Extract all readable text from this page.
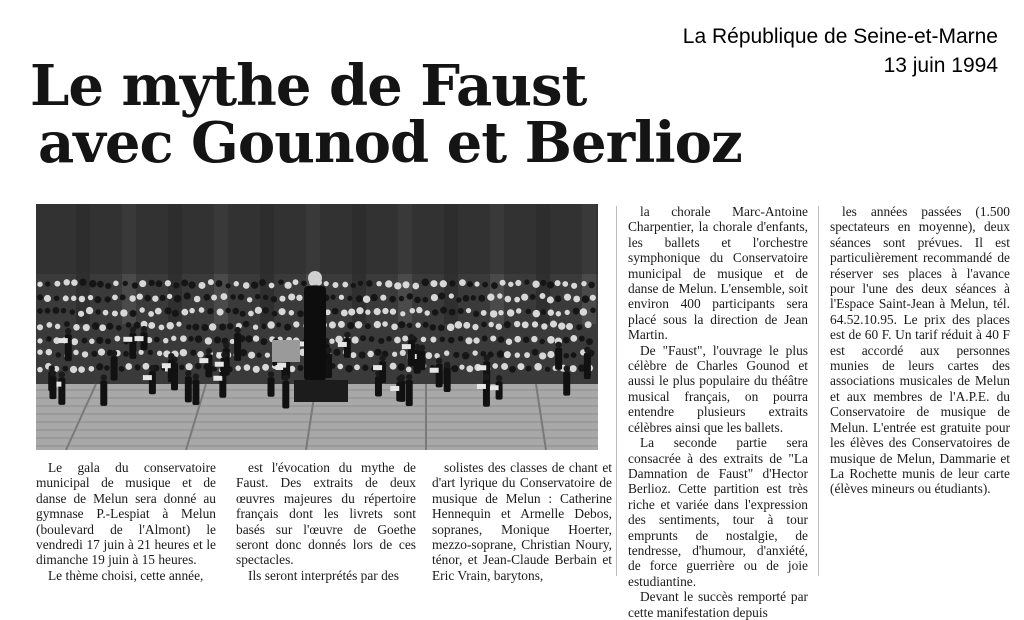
La République de Seine-et-Marne
13 juin 1994
Le mythe de Faust
avec Gounod et Berlioz

Le gala du conservatoire municipal de musique et de danse de Melun sera donné au gymnase P.-Lespiat à Melun (boulevard de l'Almont) le vendredi 17 juin à 21 heures et le dimanche 19 juin à 15 heures.

Le thème choisi, cette année,

est l'évocation du mythe de Faust. Des extraits de deux œuvres majeures du répertoire français dont les livrets sont basés sur l'œuvre de Goethe seront donc donnés lors de ces spectacles.

Ils seront interprétés par des

solistes des classes de chant et d'art lyrique du Conservatoire de musique de Melun : Catherine Hennequin et Armelle Debos, sopranes, Monique Hoerter, mezzo-soprane, Christian Noury, ténor, et Jean-Claude Berbain et Eric Vrain, barytons,

la chorale Marc-Antoine Charpentier, la chorale d'enfants, les ballets et l'orchestre symphonique du Conservatoire municipal de musique et de danse de Melun. L'ensemble, soit environ 400 participants sera placé sous la direction de Jean Martin.

De "Faust", l'ouvrage le plus célèbre de Charles Gounod et aussi le plus populaire du théâtre musical français, on pourra entendre plusieurs extraits célèbres ainsi que les ballets.

La seconde partie sera consacrée à des extraits de "La Damnation de Faust" d'Hector Berlioz. Cette partition est très riche et variée dans l'expression des sentiments, tour à tour emprunts de nostalgie, de tendresse, d'humour, d'anxiété, de force guerrière ou de joie estudiantine.

Devant le succès remporté par cette manifestation depuis

les années passées (1.500 spectateurs en moyenne), deux séances sont prévues. Il est particulièrement recommandé de réserver ses places à l'avance pour l'une des deux séances à l'Espace Saint-Jean à Melun, tél. 64.52.10.95. Le prix des places est de 60 F. Un tarif réduit à 40 F est accordé aux personnes munies de leurs cartes des associations musicales de Melun et aux membres de l'A.P.E. du Conservatoire de musique de Melun. L'entrée est gratuite pour les élèves des Conservatoires de musique de Melun, Dammarie et La Rochette munis de leur carte (élèves mineurs ou étudiants).
